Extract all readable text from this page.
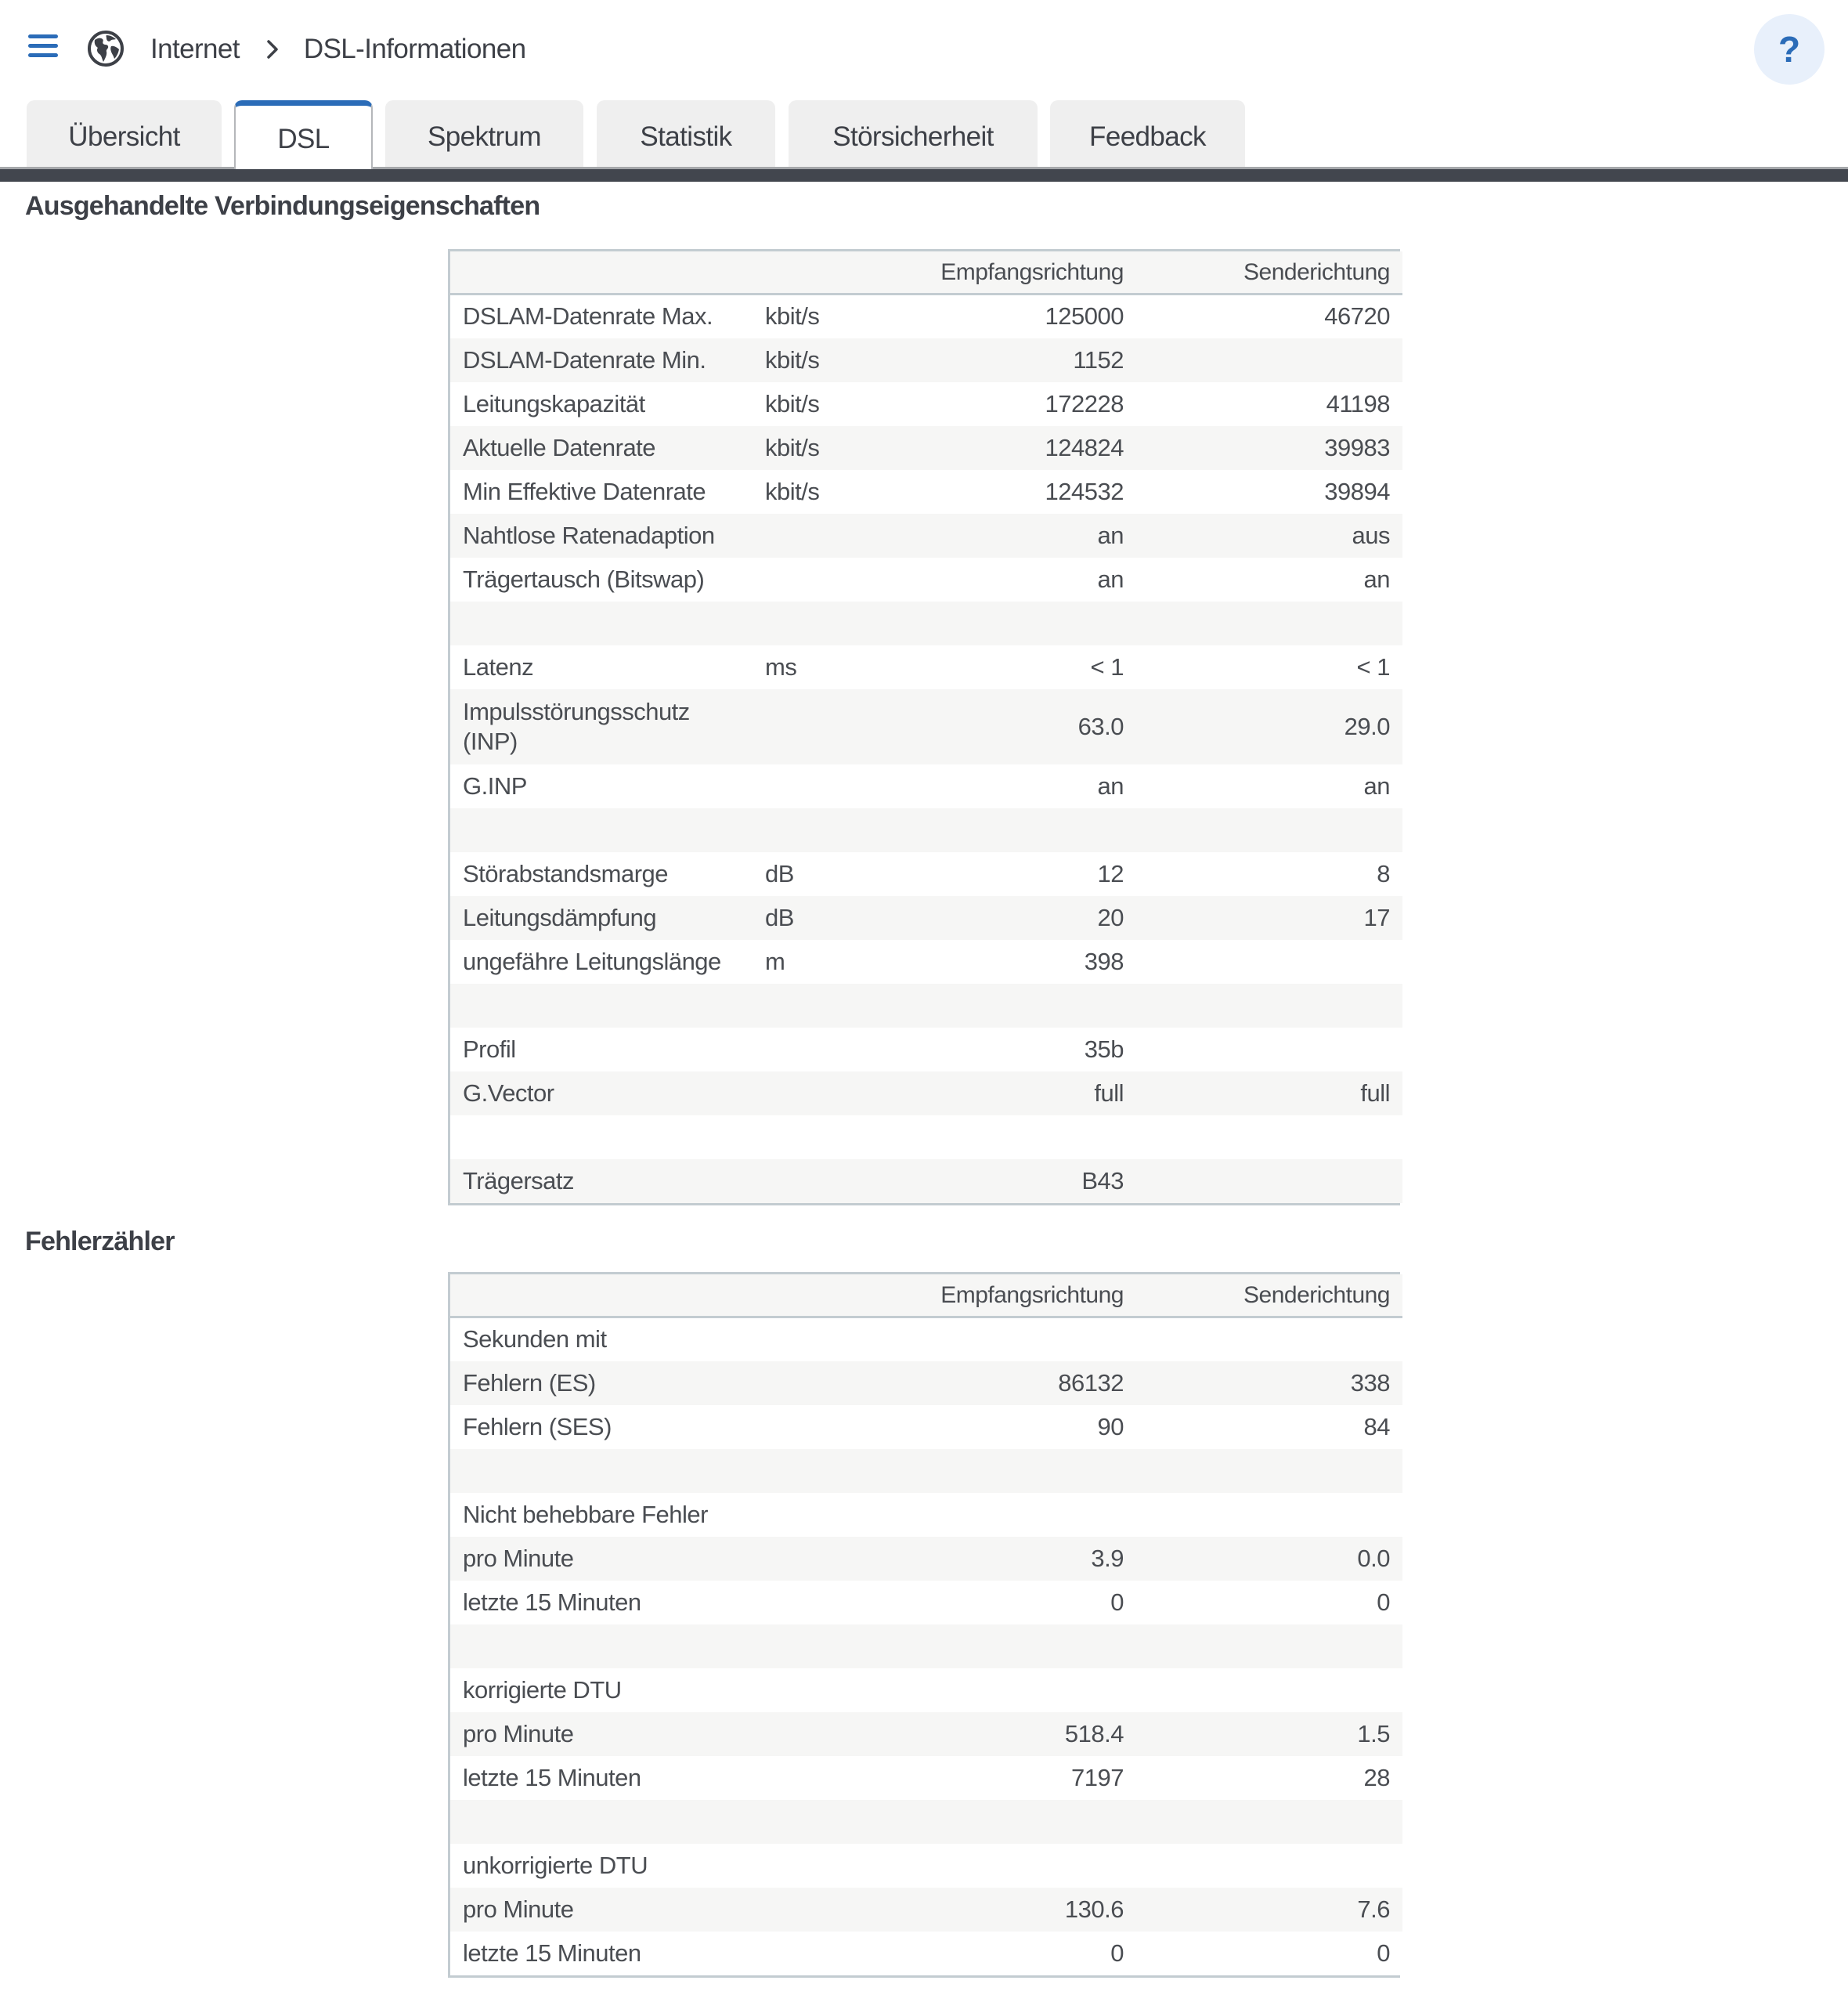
Internet DSL-Informationen	?
Übersicht	DSL	Spektrum	Statistik	Störsicherheit	Feedback
Ausgehandelte Verbindungseigenschaften
		Empfangsrichtung	Senderichtung
DSLAM-Datenrate Max.	kbit/s	125000	46720
DSLAM-Datenrate Min.	kbit/s	1152	
Leitungskapazität	kbit/s	172228	41198
Aktuelle Datenrate	kbit/s	124824	39983
Min Effektive Datenrate	kbit/s	124532	39894
Nahtlose Ratenadaption		an	aus
Trägertausch (Bitswap)		an	an

Latenz	ms	< 1	< 1
Impulsstörungsschutz (INP)		63.0	29.0
G.INP		an	an

Störabstandsmarge	dB	12	8
Leitungsdämpfung	dB	20	17
ungefähre Leitungslänge	m	398	

Profil		35b	
G.Vector		full	full

Trägersatz		B43	
Fehlerzähler
		Empfangsrichtung	Senderichtung
Sekunden mit			
Fehlern (ES)		86132	338
Fehlern (SES)		90	84

Nicht behebbare Fehler			

pro Minute		3.9	0.0
letzte 15 Minuten		0	0

korrigierte DTU			
pro Minute		518.4	1.5
letzte 15 Minuten		7197	28

unkorrigierte DTU			
pro Minute		130.6	7.6
letzte 15 Minuten		0	0
